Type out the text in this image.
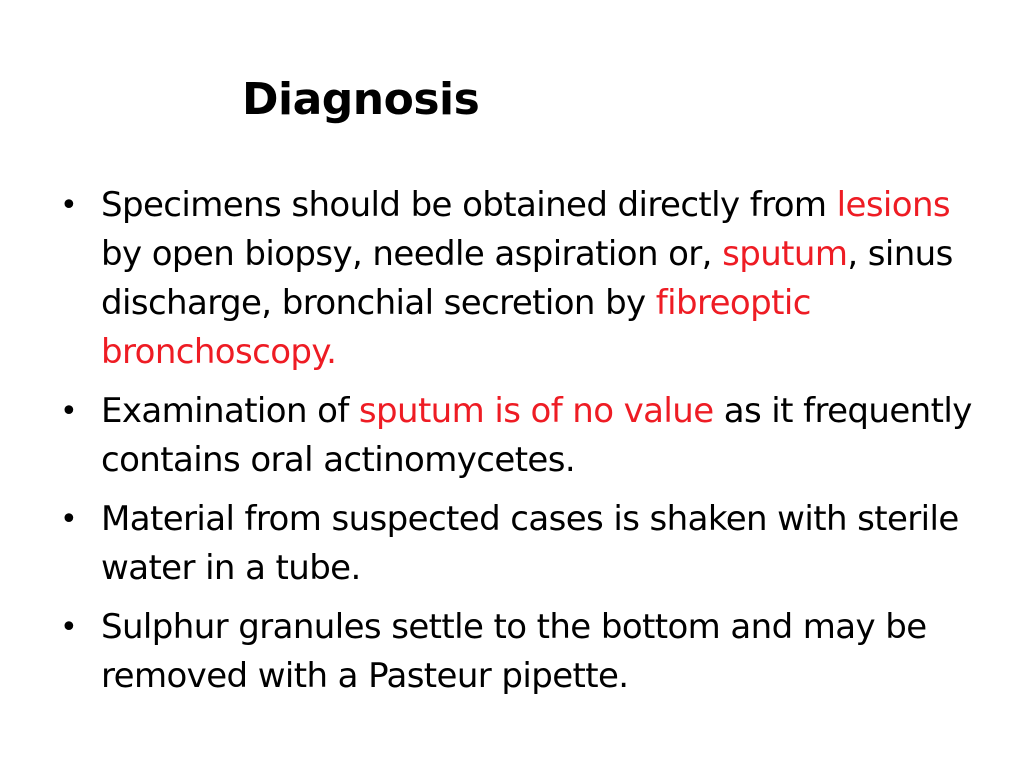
Diagnosis
• Specimens should be obtained directly from lesions by open biopsy, needle aspiration or, sputum, sinus discharge, bronchial secretion by fibreoptic bronchoscopy.
• Examination of sputum is of no value as it frequently contains oral actinomycetes.
• Material from suspected cases is shaken with sterile water in a tube.
• Sulphur granules settle to the bottom and may be removed with a Pasteur pipette.
